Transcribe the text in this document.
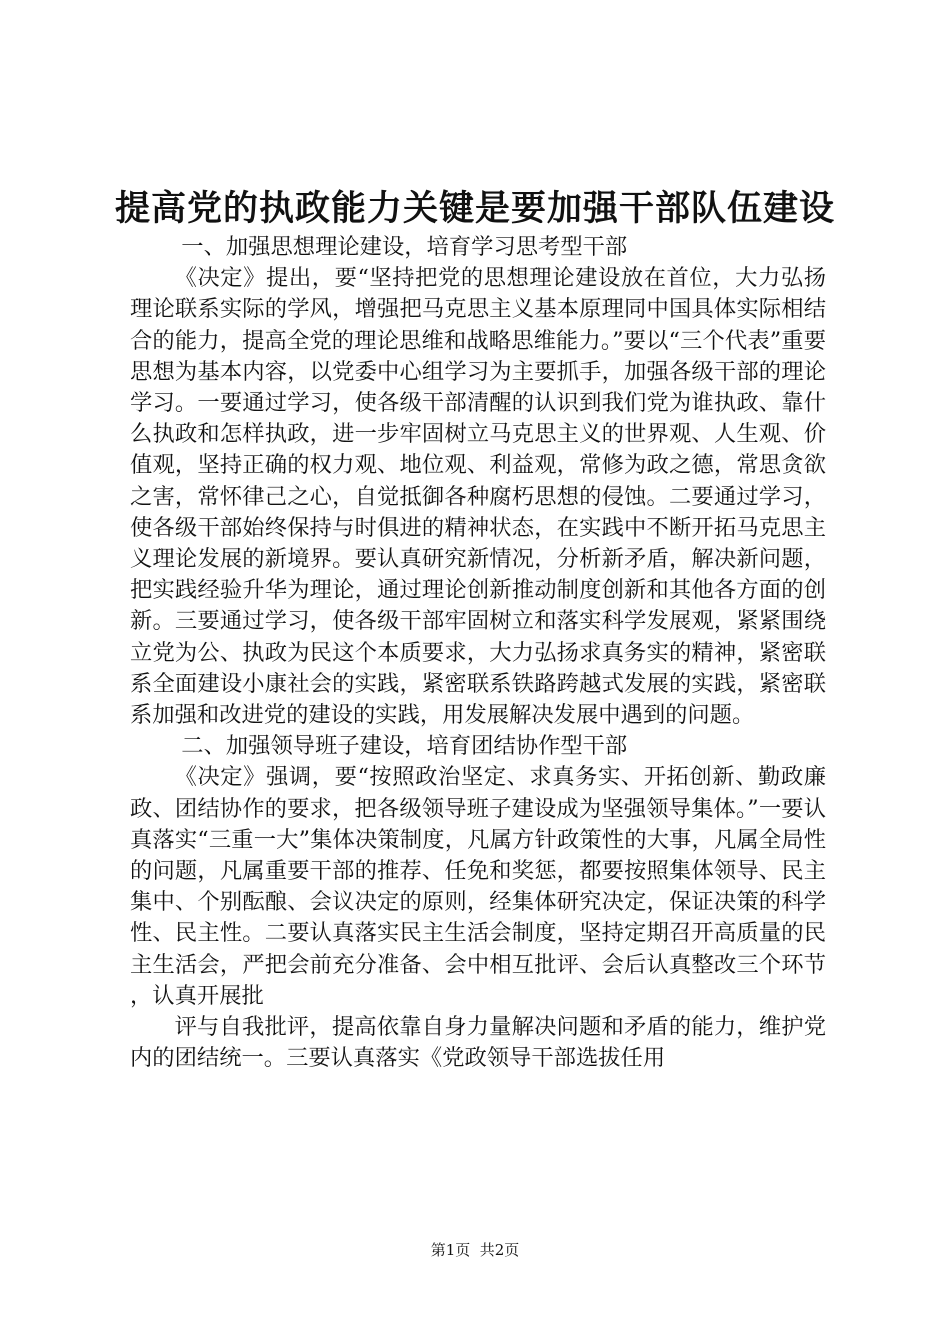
提高党的执政能力关键是要加强干部队伍建设

一、加强思想理论建设，培育学习思考型干部

《决定》提出，要“坚持把党的思想理论建设放在首位，大力弘扬理论联系实际的学风，增强把马克思主义基本原理同中国具体实际相结合的能力，提高全党的理论思维和战略思维能力。”要以“三个代表”重要思想为基本内容，以党委中心组学习为主要抓手，加强各级干部的理论学习。一要通过学习，使各级干部清醒的认识到我们党为谁执政、靠什么执政和怎样执政，进一步牢固树立马克思主义的世界观、人生观、价值观，坚持正确的权力观、地位观、利益观，常修为政之德，常思贪欲之害，常怀律己之心，自觉抵御各种腐朽思想的侵蚀。二要通过学习，使各级干部始终保持与时俱进的精神状态，在实践中不断开拓马克思主义理论发展的新境界。要认真研究新情况，分析新矛盾，解决新问题，把实践经验升华为理论，通过理论创新推动制度创新和其他各方面的创新。三要通过学习，使各级干部牢固树立和落实科学发展观，紧紧围绕立党为公、执政为民这个本质要求，大力弘扬求真务实的精神，紧密联系全面建设小康社会的实践，紧密联系铁路跨越式发展的实践，紧密联系加强和改进党的建设的实践，用发展解决发展中遇到的问题。

二、加强领导班子建设，培育团结协作型干部

《决定》强调，要“按照政治坚定、求真务实、开拓创新、勤政廉政、团结协作的要求，把各级领导班子建设成为坚强领导集体。”一要认真落实“三重一大”集体决策制度，凡属方针政策性的大事，凡属全局性的问题，凡属重要干部的推荐、任免和奖惩，都要按照集体领导、民主集中、个别酝酿、会议决定的原则，经集体研究决定，保证决策的科学性、民主性。二要认真落实民主生活会制度，坚持定期召开高质量的民主生活会，严把会前充分准备、会中相互批评、会后认真整改三个环节，认真开展批

评与自我批评，提高依靠自身力量解决问题和矛盾的能力，维护党内的团结统一。三要认真落实《党政领导干部选拔任用

第1页  共2页
